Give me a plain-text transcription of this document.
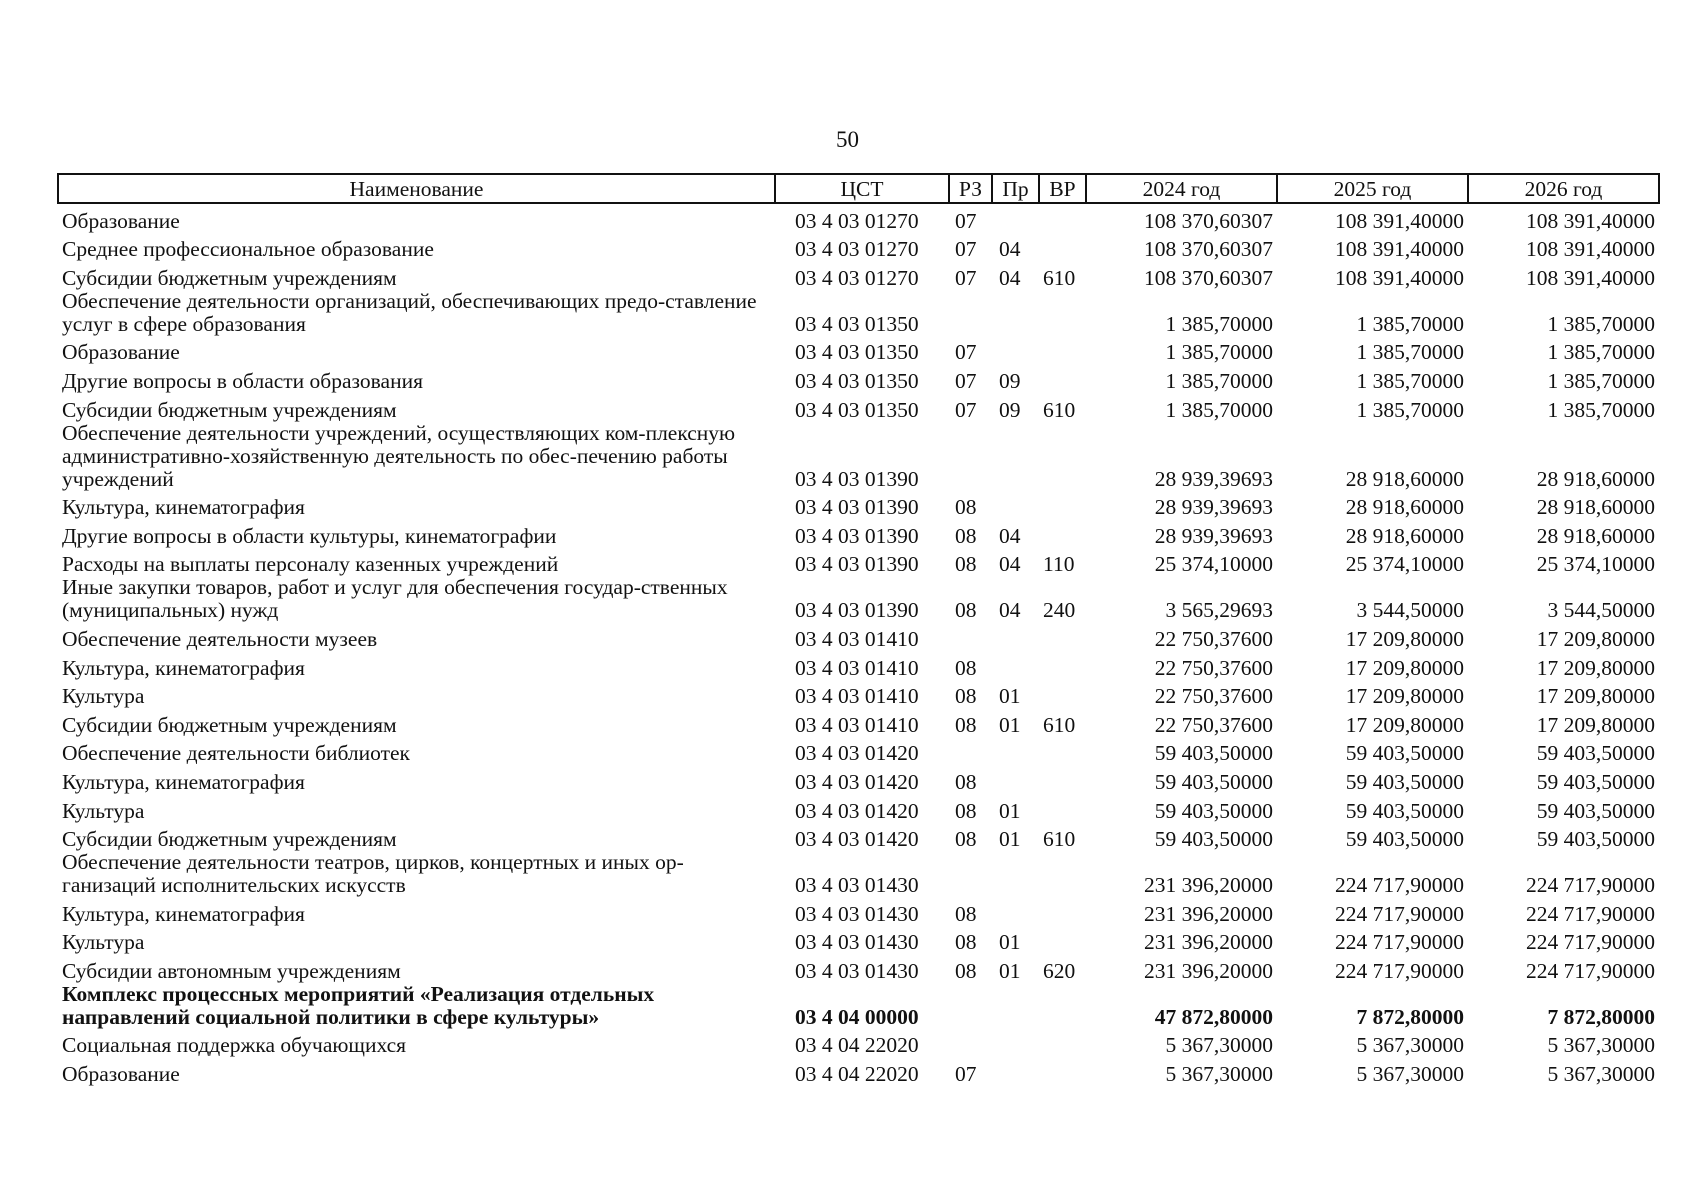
50
Наименование	ЦСТ	РЗ	Пр	ВР	2024 год	2025 год	2026 год
Образование	03 4 03 01270	07			108 370,60307	108 391,40000	108 391,40000
Среднее профессиональное образование	03 4 03 01270	07	04		108 370,60307	108 391,40000	108 391,40000
Субсидии бюджетным учреждениям	03 4 03 01270	07	04	610	108 370,60307	108 391,40000	108 391,40000
Обеспечение деятельности организаций, обеспечивающих предо-ставление услуг в сфере образования	03 4 03 01350				1 385,70000	1 385,70000	1 385,70000
Образование	03 4 03 01350	07			1 385,70000	1 385,70000	1 385,70000
Другие вопросы в области образования	03 4 03 01350	07	09		1 385,70000	1 385,70000	1 385,70000
Субсидии бюджетным учреждениям	03 4 03 01350	07	09	610	1 385,70000	1 385,70000	1 385,70000
Обеспечение деятельности учреждений, осуществляющих ком-плексную административно-хозяйственную деятельность по обес-печению работы учреждений	03 4 03 01390				28 939,39693	28 918,60000	28 918,60000
Культура, кинематография	03 4 03 01390	08			28 939,39693	28 918,60000	28 918,60000
Другие вопросы в области культуры, кинематографии	03 4 03 01390	08	04		28 939,39693	28 918,60000	28 918,60000
Расходы на выплаты персоналу казенных учреждений	03 4 03 01390	08	04	110	25 374,10000	25 374,10000	25 374,10000
Иные закупки товаров, работ и услуг для обеспечения государ-ственных (муниципальных) нужд	03 4 03 01390	08	04	240	3 565,29693	3 544,50000	3 544,50000
Обеспечение деятельности музеев	03 4 03 01410				22 750,37600	17 209,80000	17 209,80000
Культура, кинематография	03 4 03 01410	08			22 750,37600	17 209,80000	17 209,80000
Культура	03 4 03 01410	08	01		22 750,37600	17 209,80000	17 209,80000
Субсидии бюджетным учреждениям	03 4 03 01410	08	01	610	22 750,37600	17 209,80000	17 209,80000
Обеспечение деятельности библиотек	03 4 03 01420				59 403,50000	59 403,50000	59 403,50000
Культура, кинематография	03 4 03 01420	08			59 403,50000	59 403,50000	59 403,50000
Культура	03 4 03 01420	08	01		59 403,50000	59 403,50000	59 403,50000
Субсидии бюджетным учреждениям	03 4 03 01420	08	01	610	59 403,50000	59 403,50000	59 403,50000
Обеспечение деятельности театров, цирков, концертных и иных ор-ганизаций исполнительских искусств	03 4 03 01430				231 396,20000	224 717,90000	224 717,90000
Культура, кинематография	03 4 03 01430	08			231 396,20000	224 717,90000	224 717,90000
Культура	03 4 03 01430	08	01		231 396,20000	224 717,90000	224 717,90000
Субсидии автономным учреждениям	03 4 03 01430	08	01	620	231 396,20000	224 717,90000	224 717,90000
Комплекс процессных мероприятий «Реализация отдельных направлений социальной политики в сфере культуры»	03 4 04 00000				47 872,80000	7 872,80000	7 872,80000
Социальная поддержка обучающихся	03 4 04 22020				5 367,30000	5 367,30000	5 367,30000
Образование	03 4 04 22020	07			5 367,30000	5 367,30000	5 367,30000
